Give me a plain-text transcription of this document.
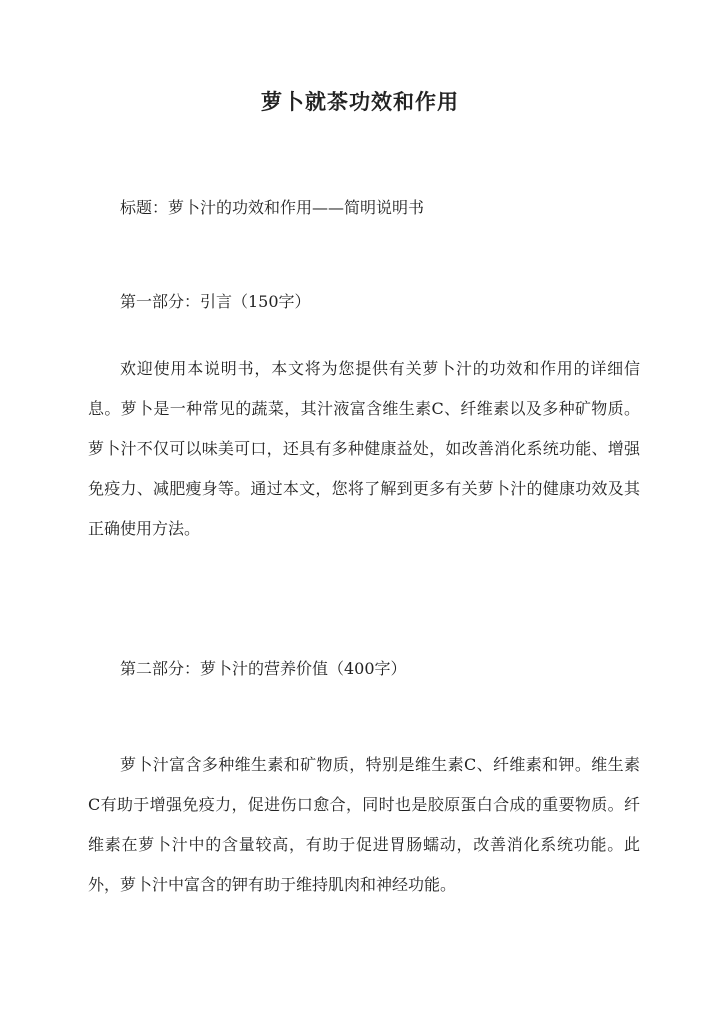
萝卜就茶功效和作用
标题：萝卜汁的功效和作用——简明说明书
第一部分：引言（150字）
欢迎使用本说明书，本文将为您提供有关萝卜汁的功效和作用的详细信息。萝卜是一种常见的蔬菜，其汁液富含维生素C、纤维素以及多种矿物质。萝卜汁不仅可以味美可口，还具有多种健康益处，如改善消化系统功能、增强免疫力、减肥瘦身等。通过本文，您将了解到更多有关萝卜汁的健康功效及其正确使用方法。
第二部分：萝卜汁的营养价值（400字）
萝卜汁富含多种维生素和矿物质，特别是维生素C、纤维素和钾。维生素C有助于增强免疫力，促进伤口愈合，同时也是胶原蛋白合成的重要物质。纤维素在萝卜汁中的含量较高，有助于促进胃肠蠕动，改善消化系统功能。此外，萝卜汁中富含的钾有助于维持肌肉和神经功能。
